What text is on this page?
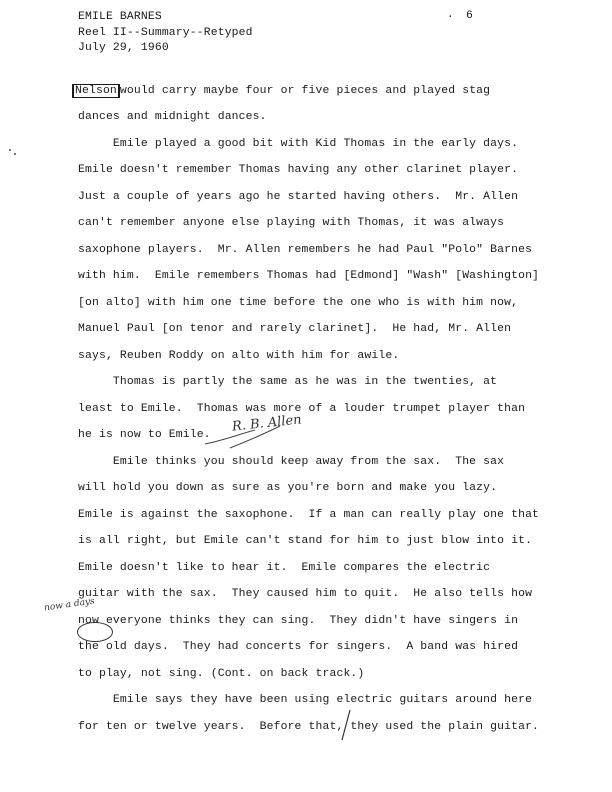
EMILE BARNES	. 6
Reel II--Summary--Retyped
July 29, 1960
Nelson would carry maybe four or five pieces and played stag
dances and midnight dances.
Emile played a good bit with Kid Thomas in the early days.
Emile doesn't remember Thomas having any other clarinet player.
Just a couple of years ago he started having others.  Mr. Allen
can't remember anyone else playing with Thomas, it was always
saxophone players.  Mr. Allen remembers he had Paul "Polo" Barnes
with him.  Emile remembers Thomas had [Edmond] "Wash" [Washington]
[on alto] with him one time before the one who is with him now,
Manuel Paul [on tenor and rarely clarinet].  He had, Mr. Allen
says, Reuben Roddy on alto with him for awile.
Thomas is partly the same as he was in the twenties, at
least to Emile.  Thomas was more of a louder trumpet player than
he is now to Emile.
Emile thinks you should keep away from the sax.  The sax
will hold you down as sure as you're born and make you lazy.
Emile is against the saxophone.  If a man can really play one that
is all right, but Emile can't stand for him to just blow into it.
Emile doesn't like to hear it.  Emile compares the electric
guitar with the sax.  They caused him to quit.  He also tells how
now everyone thinks they can sing.  They didn't have singers in
the old days.  They had concerts for singers.  A band was hired
to play, not sing. (Cont. on back track.)
Emile says they have been using electric guitars around here
for ten or twelve years.  Before that, they used the plain guitar.
now a days
R. B. Allen
